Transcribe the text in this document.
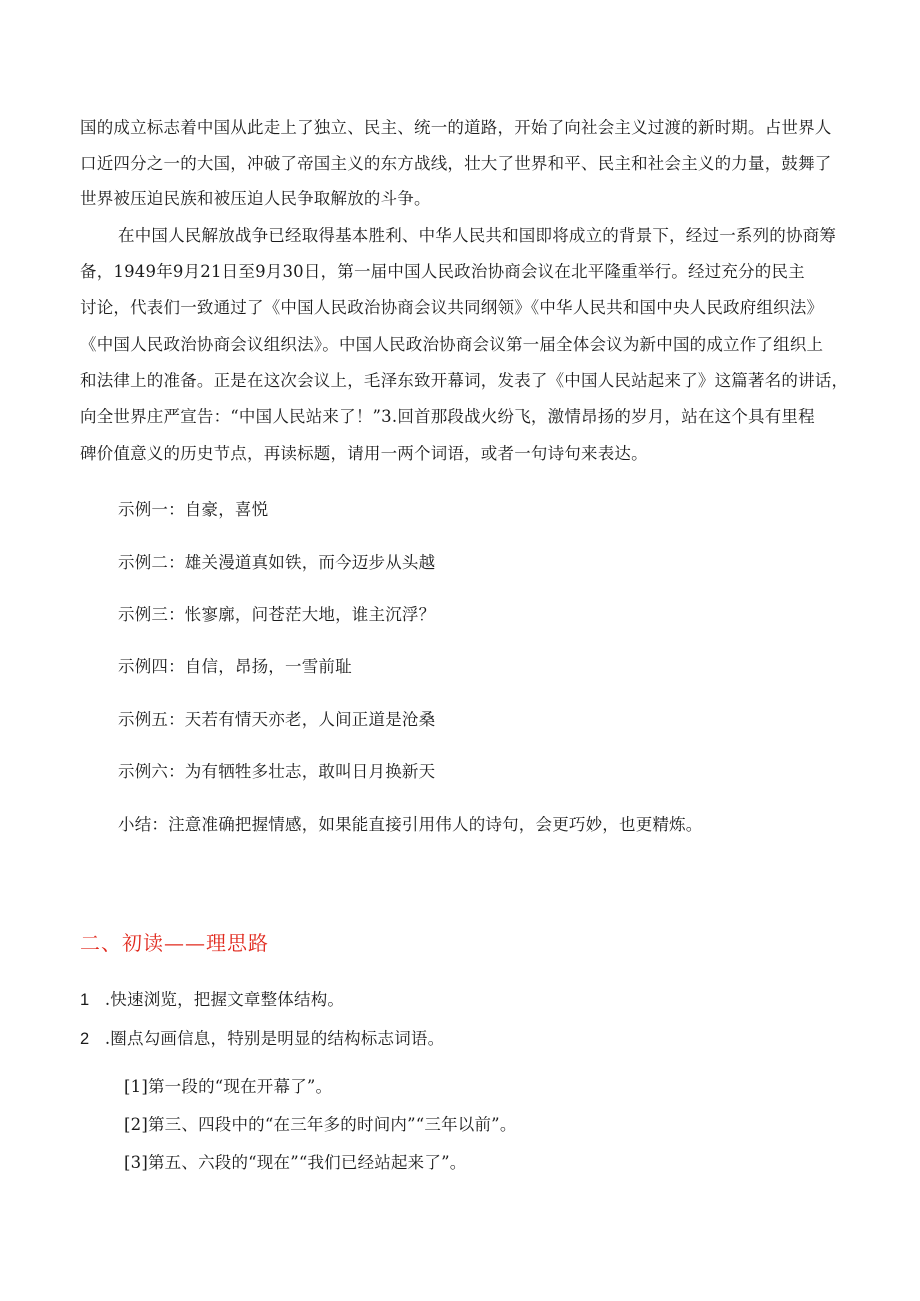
国的成立标志着中国从此走上了独立、民主、统一的道路，开始了向社会主义过渡的新时期。占世界人
口近四分之一的大国，冲破了帝国主义的东方战线，壮大了世界和平、民主和社会主义的力量，鼓舞了
世界被压迫民族和被压迫人民争取解放的斗争。
在中国人民解放战争已经取得基本胜利、中华人民共和国即将成立的背景下，经过一系列的协商筹
备，1949年9月21日至9月30日，第一届中国人民政治协商会议在北平隆重举行。经过充分的民主
讨论，代表们一致通过了《中国人民政治协商会议共同纲领》《中华人民共和国中央人民政府组织法》
《中国人民政治协商会议组织法》。中国人民政治协商会议第一届全体会议为新中国的成立作了组织上
和法律上的准备。正是在这次会议上，毛泽东致开幕词，发表了《中国人民站起来了》这篇著名的讲话，
向全世界庄严宣告：“中国人民站来了！”3.回首那段战火纷飞，激情昂扬的岁月，站在这个具有里程
碑价值意义的历史节点，再读标题，请用一两个词语，或者一句诗句来表达。
示例一：自豪，喜悦
示例二：雄关漫道真如铁，而今迈步从头越
示例三：怅寥廓，问苍茫大地，谁主沉浮？
示例四：自信，昂扬，一雪前耻
示例五：天若有情天亦老，人间正道是沧桑
示例六：为有牺牲多壮志，敢叫日月换新天
小结：注意准确把握情感，如果能直接引用伟人的诗句，会更巧妙，也更精炼。
二、初读——理思路
1 .快速浏览，把握文章整体结构。
2 .圈点勾画信息，特别是明显的结构标志词语。
[1]第一段的“现在开幕了”。
[2]第三、四段中的“在三年多的时间内”“三年以前”。
[3]第五、六段的“现在”“我们已经站起来了”。
